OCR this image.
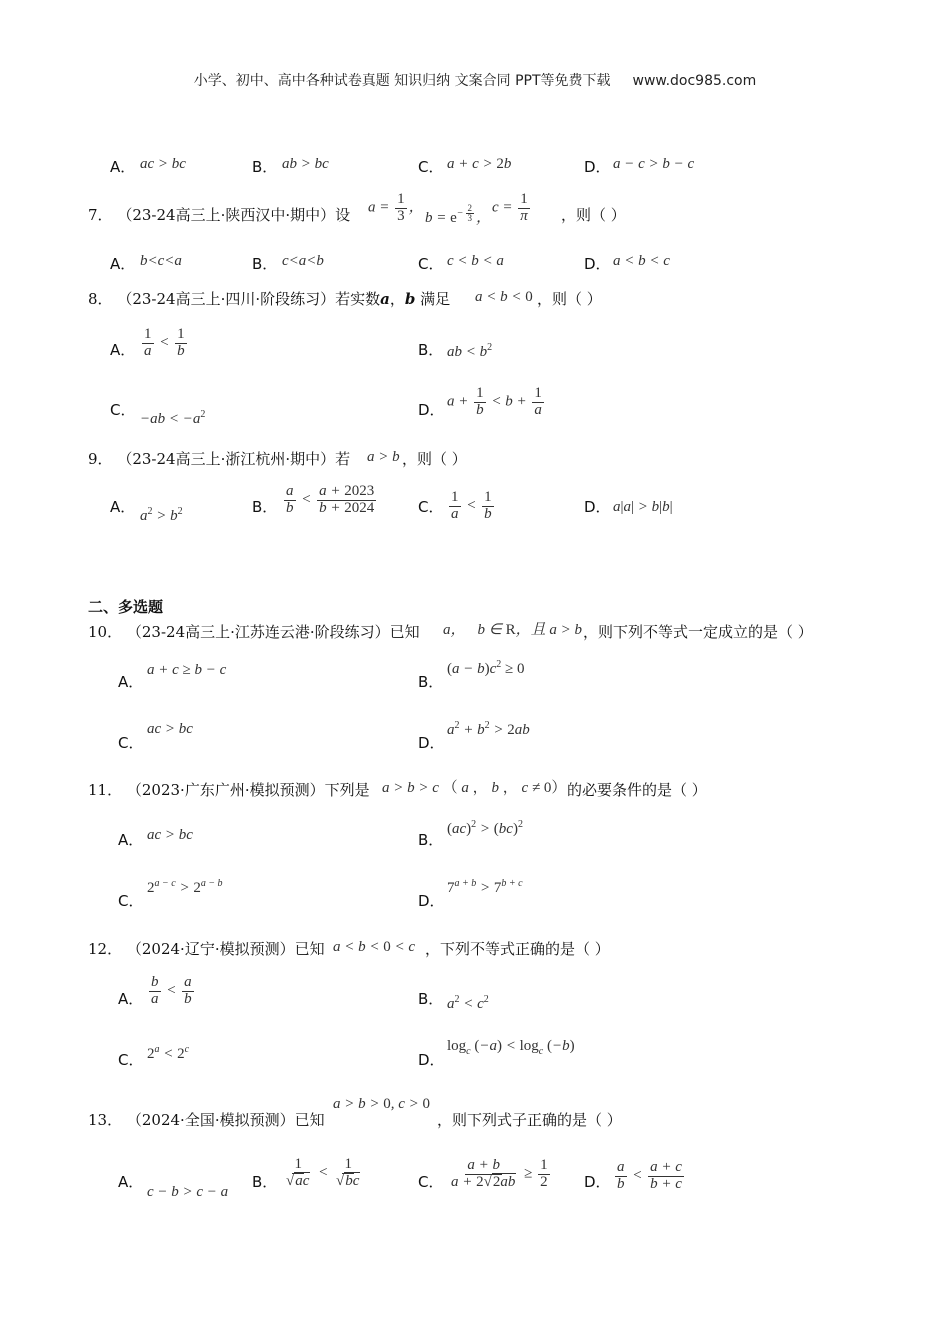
小学、初中、高中各种试卷真题 知识归纳 文案合同 PPT等免费下载 www.doc985.com
A． ac > bc	B． ab > bc	C． a + c > 2b	D． a − c > b − c
7． （23-24高三上·陕西汉中·期中）设 $a = \frac{1}{3}$ ，
$b = e^{- \frac{2}{3}}$ ，
$c = \frac{1}{\pi}$ ，则（ ）
A． b<c<a	B． c<a<b	C． c < b < a	D． a < b < c
8． （23-24高三上·四川·阶段练习）若实数a，b 满足 a < b < 0 ，则（ ）
A． $\frac{1}{a} < \frac{1}{b}$	B． ab < $b^2$
C． $-ab < -a^2$	D． $a + \frac{1}{b} < b + \frac{1}{a}$
9． （23-24高三上·浙江杭州·期中）若 a > b ，则（ ）
A． $a^2 > b^2$	B． $\frac{a}{b} < \frac{a + 2023}{b + 2024}$	C． $\frac{1}{a} < \frac{1}{b}$	D． a|a| > b|b|
二、多选题
10． （23-24高三上·江苏连云港·阶段练习）已知 a， b ∈ R，且 a > b ，则下列不等式一定成立的是（ ）
A．
a + c ≥ b − c
B．
$(a - b)c^2 \ge 0$
C．
ac > bc
D．
$a^2 + b^2 > 2ab$
11． （2023·广东广州·模拟预测）下列是 a > b > c （ a ， b ， c ≠ 0） 的必要条件的是（ ）
A． ac > bc	B．
(ac)$^2$ > (bc)$^2$
C．
$2^{a - c} > 2^{a - b}$
D．
$7^{a + b} > 7^{b + c}$
12． （2024·辽宁·模拟预测）已知 a < b < 0 < c ，下列不等式正确的是（ ）
A． $\frac{b}{a} < \frac{a}{b}$	B． $a^2 < c^2$
C． $2^a < 2^c$
D．
$\log_c (-a) < \log_c (-b)$
a > b > 0, c > 0
13． （2024·全国·模拟预测）已知	，则下列式子正确的是（ ）
A．
c − b > c − a
B． $\frac{1}{√ac} < \frac{1}{√bc}$	C． $\frac{a + b}{a + 2√2ab} \ge \frac{1}{2}$ D． $\frac{a}{b} < \frac{a + c}{b + c}$
